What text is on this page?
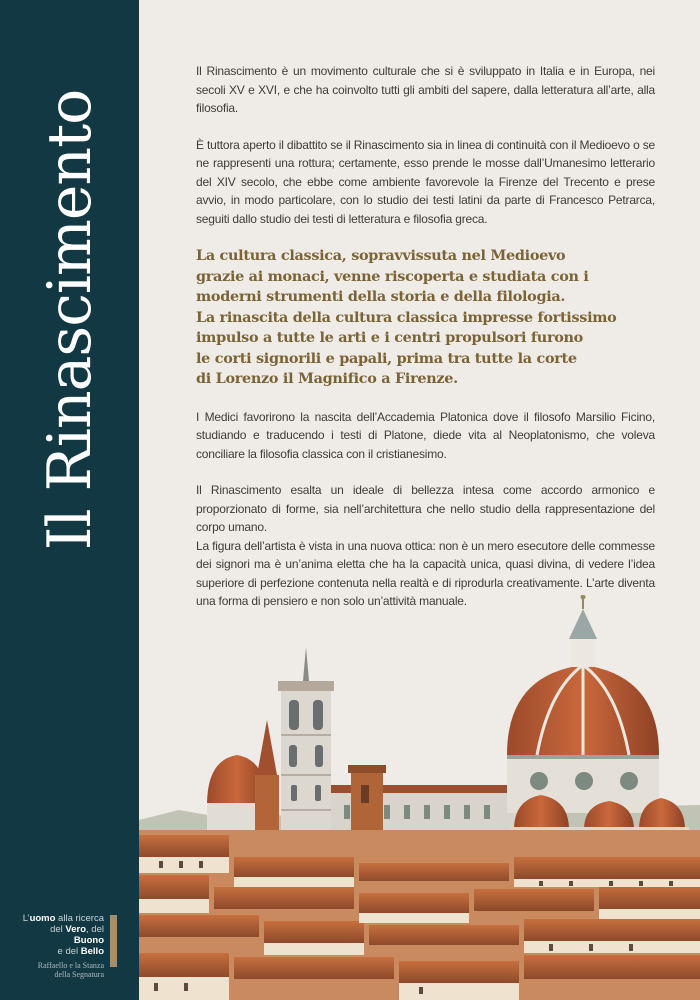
Il Rinascimento
L’uomo alla ricerca
del Vero, del Buono
e del Bello
Raffaello e la Stanza
della Segnatura

Il Rinascimento è un movimento culturale che si è sviluppato in Italia e in Europa, nei secoli XV e XVI, e che ha coinvolto tutti gli ambiti del sapere, dalla letteratura all’arte, alla filosofia.

È tuttora aperto il dibattito se il Rinascimento sia in linea di continuità con il Medioevo o se ne rappresenti una rottura; certamente, esso prende le mosse dall’Umanesimo letterario del XIV secolo, che ebbe come ambiente favorevole la Firenze del Trecento e prese avvio, in modo particolare, con lo studio dei testi latini da parte di Francesco Petrarca, seguiti dallo studio dei testi di letteratura e filosofia greca.

La cultura classica, sopravvissuta nel Medioevo
grazie ai monaci, venne riscoperta e studiata con i
moderni strumenti della storia e della filologia.
La rinascita della cultura classica impresse fortissimo
impulso a tutte le arti e i centri propulsori furono
le corti signorili e papali, prima tra tutte la corte
di Lorenzo il Magnifico a Firenze.

I Medici favorirono la nascita dell’Accademia Platonica dove il filosofo Marsilio Ficino, studiando e traducendo i testi di Platone, diede vita al Neoplatonismo, che voleva conciliare la filosofia classica con il cristianesimo.

Il Rinascimento esalta un ideale di bellezza intesa come accordo armonico e proporzionato di forme, sia nell’architettura che nello studio della rappresentazione del corpo umano.

La figura dell’artista è vista in una nuova ottica: non è un mero esecutore delle commesse dei signori ma è un’anima eletta che ha la capacità unica, quasi divina, di vedere l’idea superiore di perfezione contenuta nella realtà e di riprodurla creativamente. L’arte diventa una forma di pensiero e non solo un’attività manuale.
